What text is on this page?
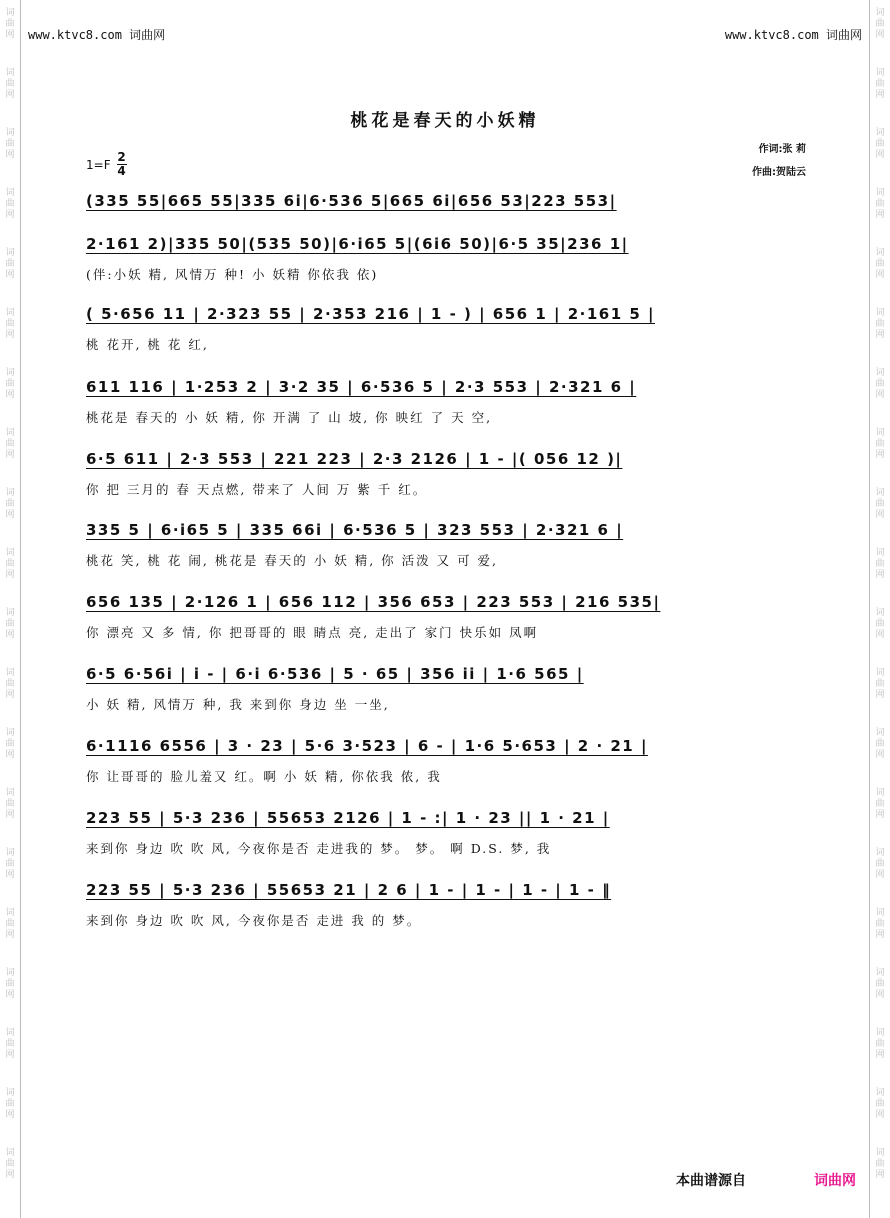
词
曲
网
词
曲
网
词
曲
网
词
曲
网
词
曲
网
词
曲
网
词
曲
网
词
曲
网
词
曲
网
词
曲
网
词
曲
网
词
曲
网
词
曲
网
词
曲
网
词
曲
网
词
曲
网
词
曲
网
词
曲
网
词
曲
网
词
曲
网
词
曲
网
词
曲
网
词
曲
网
词
曲
网
词
曲
网
词
曲
网
词
曲
网
词
曲
网
词
曲
网
词
曲
网
词
曲
网
词
曲
网
词
曲
网
词
曲
网
词
曲
网
词
曲
网
词
曲
网
词
曲
网
词
曲
网
词
曲
网
www.ktvc8.com 词曲网	www.ktvc8.com 词曲网
桃花是春天的小妖精
$1=F \frac{2}{4}$
作词:张 莉
作曲:贺陆云
(335 55|665 55|335 6i|6·536 5|665 6i|656 53|223 553|
2·161 2)|335 50|(535 50)|6·i65 5|(6i6 50)|6·5 35|236 1|
(伴:小妖 精, 风情万 种! 小 妖精 你依我 依)
( 5·656 11 | 2·323 55 | 2·353 216 | 1 - ) | 656 1 | 2·161 5 |
桃 花开, 桃 花 红,
611 116 | 1·253 2 | 3·2 35 | 6·536 5 | 2·3 553 | 2·321 6 |
桃花是 春天的 小 妖 精, 你 开满 了 山 坡, 你 映红 了 天 空,
6·5 611 | 2·3 553 | 221 223 | 2·3 2126 | 1 - |( 056 12 )|
你 把 三月的 春 天点燃, 带来了 人间 万 紫 千 红。
335 5 | 6·i65 5 | 335 66i | 6·536 5 | 323 553 | 2·321 6 |
桃花 笑, 桃 花 闹, 桃花是 春天的 小 妖 精, 你 活泼 又 可 爱,
656 135 | 2·126 1 | 656 112 | 356 653 | 223 553 | 216 535|
你 漂亮 又 多 情, 你 把哥哥的 眼 睛点 亮, 走出了 家门 快乐如 凤啊
6·5 6·56i | i - | 6·i 6·536 | 5 · 65 | 356 ii | 1·6 565 |
小 妖 精, 风情万 种, 我 来到你 身边 坐 一坐,
6·1116 6556 | 3 · 23 | 5·6 3·523 | 6 - | 1·6 5·653 | 2 · 21 |
你 让哥哥的 脸儿羞又 红。啊 小 妖 精, 你依我 侬, 我
223 55 | 5·3 236 | 55653 2126 | 1 - :| 1 · 23 || 1 · 21 |
来到你 身边 吹 吹 风, 今夜你是否 走进我的 梦。 梦。 啊 D.S. 梦, 我
223 55 | 5·3 236 | 55653 21 | 2 6 | 1 - | 1 - | 1 - | 1 - ‖
来到你 身边 吹 吹 风, 今夜你是否 走进 我 的 梦。
本曲谱源自	词曲网
